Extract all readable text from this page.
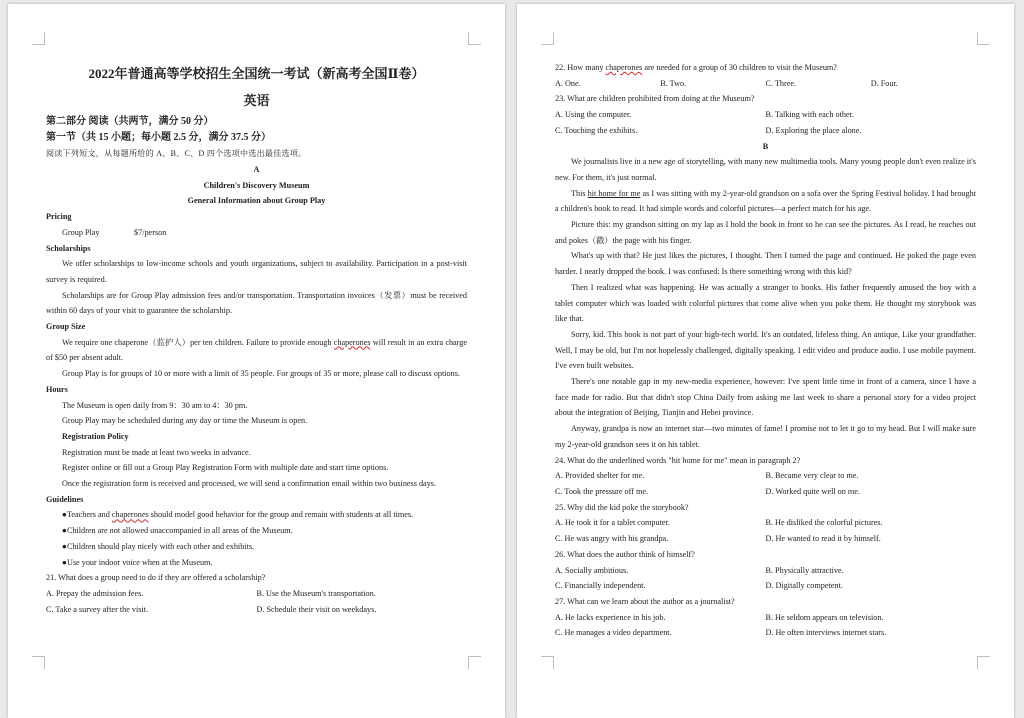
2022年普通高等学校招生全国统一考试（新高考全国Ⅱ卷）
英语
第二部分 阅读（共两节，满分 50 分）
第一节（共 15 小题；每小题 2.5 分，满分 37.5 分）
阅读下列短文，从每题所给的 A、B、C、D 四个选项中选出最佳选项。
A
Children's Discovery Museum
General Information about Group Play
Pricing
Group Play	$7/person
Scholarships
We offer scholarships to low-income schools and youth organizations, subject to availability. Participation in a post-visit survey is required.
Scholarships are for Group Play admission fees and/or transportation. Transportation invoices（发票）must be received within 60 days of your visit to guarantee the scholarship.
Group Size
We require one chaperone（监护人）per ten children. Failure to provide enough chaperones will result in an extra charge of $50 per absent adult.
Group Play is for groups of 10 or more with a limit of 35 people. For groups of 35 or more, please call to discuss options.
Hours
The Museum is open daily from 9：30 am to 4：30 pm.
Group Play may be scheduled during any day or time the Museum is open.
Registration Policy
Registration must be made at least two weeks in advance.
Register online or fill out a Group Play Registration Form with multiple date and start time options.
Once the registration form is received and processed, we will send a confirmation email within two business days.
Guidelines
●Teachers and chaperones should model good behavior for the group and remain with students at all times.
●Children are not allowed unaccompanied in all areas of the Museum.
●Children should play nicely with each other and exhibits.
●Use your indoor voice when at the Museum.
21. What does a group need to do if they are offered a scholarship?
A. Prepay the admission fees.	B. Use the Museum's transportation.
C. Take a survey after the visit.	D. Schedule their visit on weekdays.
22. How many chaperones are needed for a group of 30 children to visit the Museum?
A. One.	B. Two.	C. Three.	D. Four.
23. What are children prohibited from doing at the Museum?
A. Using the computer.	B. Talking with each other.
C. Touching the exhibits.	D. Exploring the place alone.
B
We journalists live in a new age of storytelling, with many new multimedia tools. Many young people don't even realize it's new. For them, it's just normal.
This hit home for me as I was sitting with my 2-year-old grandson on a sofa over the Spring Festival holiday. I had brought a children's book to read. It had simple words and colorful pictures—a perfect match for his age.
Picture this: my grandson sitting on my lap as I hold the book in front so he can see the pictures. As I read, he reaches out and pokes（戳）the page with his finger.
What's up with that? He just likes the pictures, I thought. Then I turned the page and continued. He poked the page even harder. I nearly dropped the book. I was confused: Is there something wrong with this kid?
Then I realized what was happening. He was actually a stranger to books. His father frequently amused the boy with a tablet computer which was loaded with colorful pictures that come alive when you poke them. He thought my storybook was like that.
Sorry, kid. This book is not part of your high-tech world. It's an outdated, lifeless thing. An antique, Like your grandfather. Well, I may be old, but I'm not hopelessly challenged, digitally speaking. I edit video and produce audio. I use mobile payment. I've even built websites.
There's one notable gap in my new-media experience, however: I've spent little time in front of a camera, since I have a face made for radio. But that didn't stop China Daily from asking me last week to share a personal story for a video project about the integration of Beijing, Tianjin and Hebei province.
Anyway, grandpa is now an internet star—two minutes of fame! I promise not to let it go to my head. But I will make sure my 2-year-old grandson sees it on his tablet.
24. What do the underlined words "hit home for me" mean in paragraph 2?
A. Provided shelter for me.	B. Became very clear to me.
C. Took the pressure off me.	D. Worked quite well on me.
25. Why did the kid poke the storybook?
A. He took it for a tablet computer.	B. He disliked the colorful pictures.
C. He was angry with his grandpa.	D. He wanted to read it by himself.
26. What does the author think of himself?
A. Socially ambitious.	B. Physically attractive.
C. Financially independent.	D. Digitally competent.
27. What can we learn about the author as a journalist?
A. He lacks experience in his job.	B. He seldom appears on television.
C. He manages a video department.	D. He often interviews internet stars.
